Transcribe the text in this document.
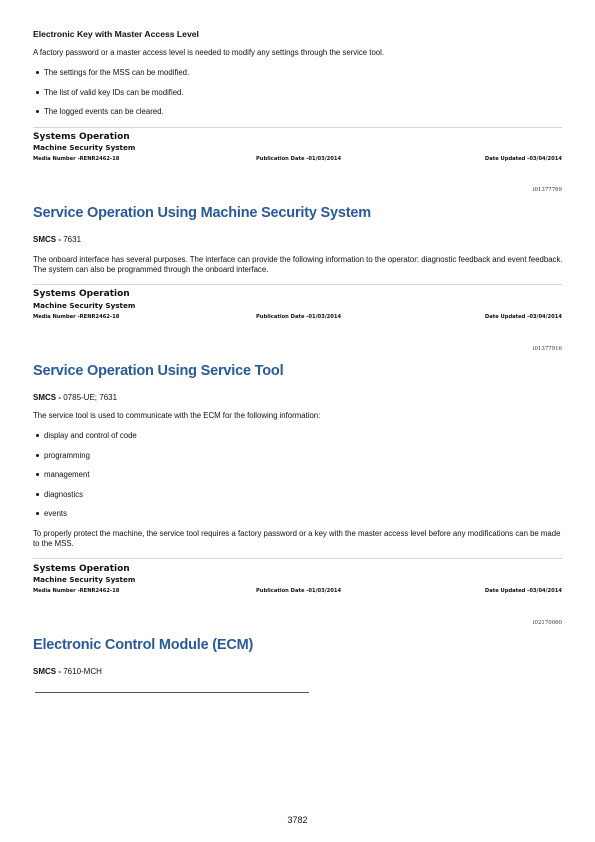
Electronic Key with Master Access Level
A factory password or a master access level is needed to modify any settings through the service tool.
The settings for the MSS can be modified.
The list of valid key IDs can be modified.
The logged events can be cleared.
Systems Operation
Machine Security System
Media Number -RENR2462-18	Publication Date -01/03/2014	Date Updated -03/04/2014
i01377769
Service Operation Using Machine Security System
SMCS - 7631
The onboard interface has several purposes. The interface can provide the following information to the operator: diagnostic feedback and event feedback. The system can also be programmed through the onboard interface.
Systems Operation
Machine Security System
Media Number -RENR2462-18	Publication Date -01/03/2014	Date Updated -03/04/2014
i01377916
Service Operation Using Service Tool
SMCS - 0785-UE; 7631
The service tool is used to communicate with the ECM for the following information:
display and control of code
programming
management
diagnostics
events
To properly protect the machine, the service tool requires a factory password or a key with the master access level before any modifications can be made to the MSS.
Systems Operation
Machine Security System
Media Number -RENR2462-18	Publication Date -01/03/2014	Date Updated -03/04/2014
i02170060
Electronic Control Module (ECM)
SMCS - 7610-MCH
3782
